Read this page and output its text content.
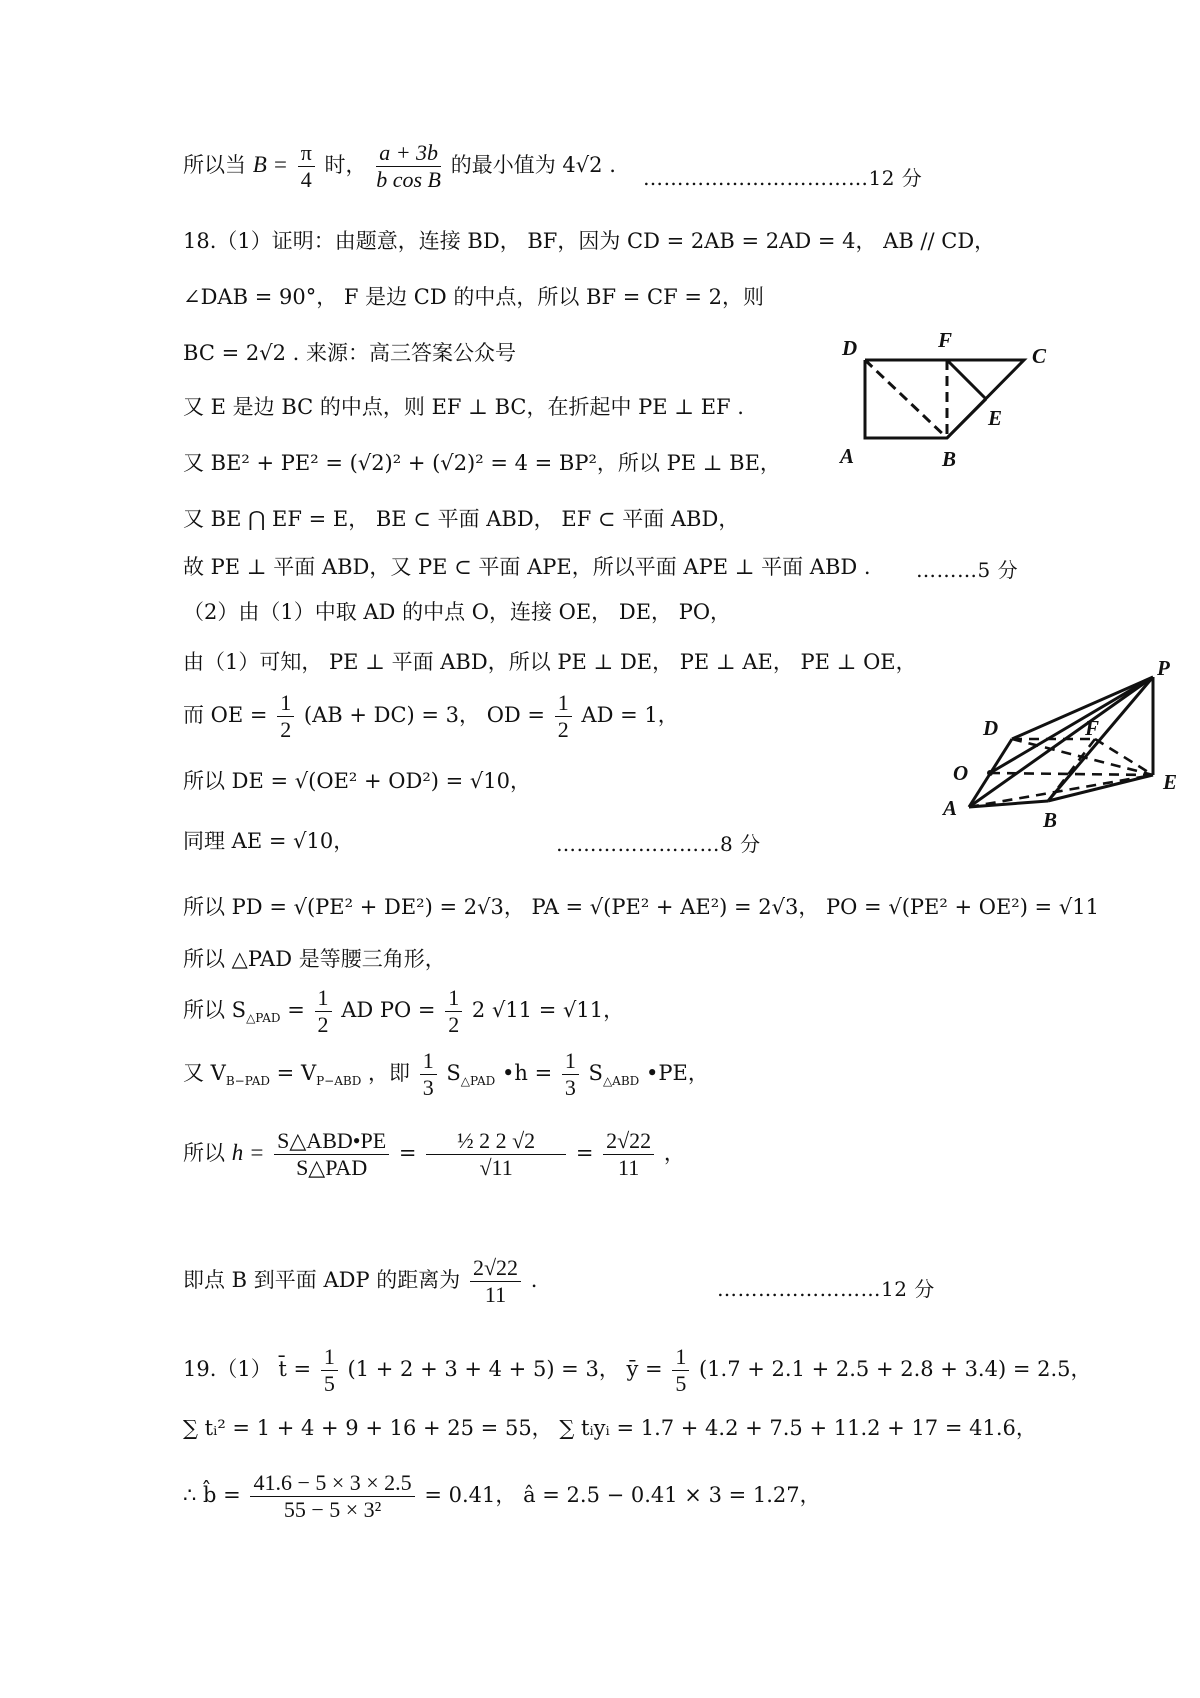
所以当 $B = \frac{\pi}{4}$ 时， $\frac{a + 3b}{\text{b cos B}}$ 的最小值为 4√2 .
……………………………12 分
18.（1）证明：由题意，连接 BD， BF，因为 CD = 2AB = 2AD = 4， AB // CD，
∠DAB = 90°， F 是边 CD 的中点，所以 BF = CF = 2，则
BC = 2√2 . 来源：高三答案公众号
又 E 是边 BC 的中点，则 EF ⊥ BC，在折起中 PE ⊥ EF .
又 BE² + PE² = (√2)² + (√2)² = 4 = BP²，所以 PE ⊥ BE，
又 BE ⋂ EF = E， BE ⊂ 平面 ABD， EF ⊂ 平面 ABD，
故 PE ⊥ 平面 ABD，又 PE ⊂ 平面 APE，所以平面 APE ⊥ 平面 ABD . ………5 分
D	F
C
E
A	B
（2）由（1）中取 AD 的中点 O，连接 OE， DE， PO，
由（1）可知， PE ⊥ 平面 ABD，所以 PE ⊥ DE， PE ⊥ AE， PE ⊥ OE，
而 OE = $\frac{1}{2} (AB + DC) = 3$， OD = $\frac{1}{2}$ AD = 1，
所以 DE = √(OE² + OD²) = √10，
同理 AE = √10，	……………………8 分
P
D	F
O	E
A	B
所以 PD = √(PE² + DE²) = 2√3， PA = √(PE² + AE²) = 2√3， PO = √(PE² + OE²) = √11
所以 △PAD 是等腰三角形，
所以 $S_{\triangle PAD} = \frac{1}{2}$ AD PO = $\frac{1}{2} 2$ √11 = √11，
又 $V_{B-PAD} = V_{P-ABD}$ ，即 $\frac{1}{3} S_{\triangle PAD}$ •h = $\frac{1}{3} S_{\triangle ABD}$ •PE，
所以 $h = \frac{\text{S△ABD•PE}}{\text{S△PAD}} = \frac{\text{½ 2 2 √2}}{√11} = \frac{2√22}{11}$ ，
即点 B 到平面 ADP 的距离为 $\frac{2√22}{11}$ .	……………………12 分
19.（1） t̄ = $\frac{1}{5} (1 + 2 + 3 + 4 + 5) = 3$， ȳ = $\frac{1}{5} (1.7 + 2.1 + 2.5 + 2.8 + 3.4) = 2.5$，
∑ tᵢ² = 1 + 4 + 9 + 16 + 25 = 55， ∑ tᵢyᵢ = 1.7 + 4.2 + 7.5 + 11.2 + 17 = 41.6，
∴ b̂ = $\frac{41.6 - 5 \times 3 \times 2.5}{\text{55 − 5 × 3²}} = 0.41$， â = 2.5 − 0.41 × 3 = 1.27，
